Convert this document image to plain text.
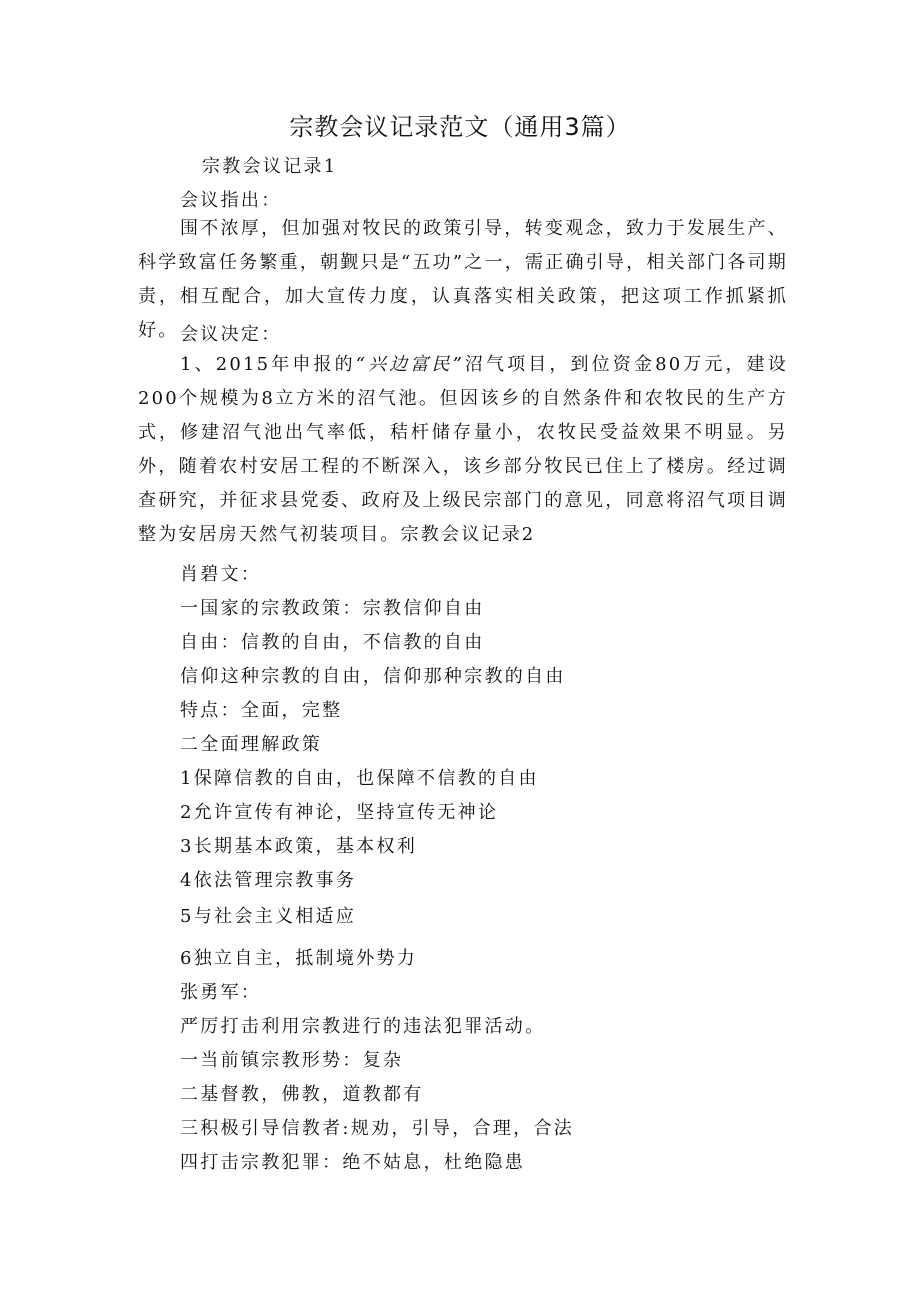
宗教会议记录范文（通用3篇）
宗教会议记录1
会议指出：
围不浓厚，但加强对牧民的政策引导，转变观念，致力于发展生产、科学致富任务繁重，朝觐只是“五功”之一，需正确引导，相关部门各司期责，相互配合，加大宣传力度，认真落实相关政策，把这项工作抓紧抓好。 会议决定：
1、2015年申报的“兴边富民”沼气项目，到位资金80万元，建设200个规模为8立方米的沼气池。但因该乡的自然条件和农牧民的生产方式，修建沼气池出气率低，秸杆储存量小，农牧民受益效果不明显。另外，随着农村安居工程的不断深入，该乡部分牧民已住上了楼房。经过调查研究，并征求县党委、政府及上级民宗部门的意见，同意将沼气项目调整为安居房天然气初装项目。宗教会议记录2
肖碧文：
一国家的宗教政策：宗教信仰自由
自由：信教的自由，不信教的自由
信仰这种宗教的自由，信仰那种宗教的自由
特点：全面，完整
二全面理解政策
1保障信教的自由，也保障不信教的自由
2允许宣传有神论，坚持宣传无神论
3长期基本政策，基本权利
4依法管理宗教事务
5与社会主义相适应
6独立自主，抵制境外势力
张勇军：
严厉打击利用宗教进行的违法犯罪活动。
一当前镇宗教形势：复杂
二基督教，佛教，道教都有
三积极引导信教者:规劝，引导，合理，合法
四打击宗教犯罪：绝不姑息，杜绝隐患
